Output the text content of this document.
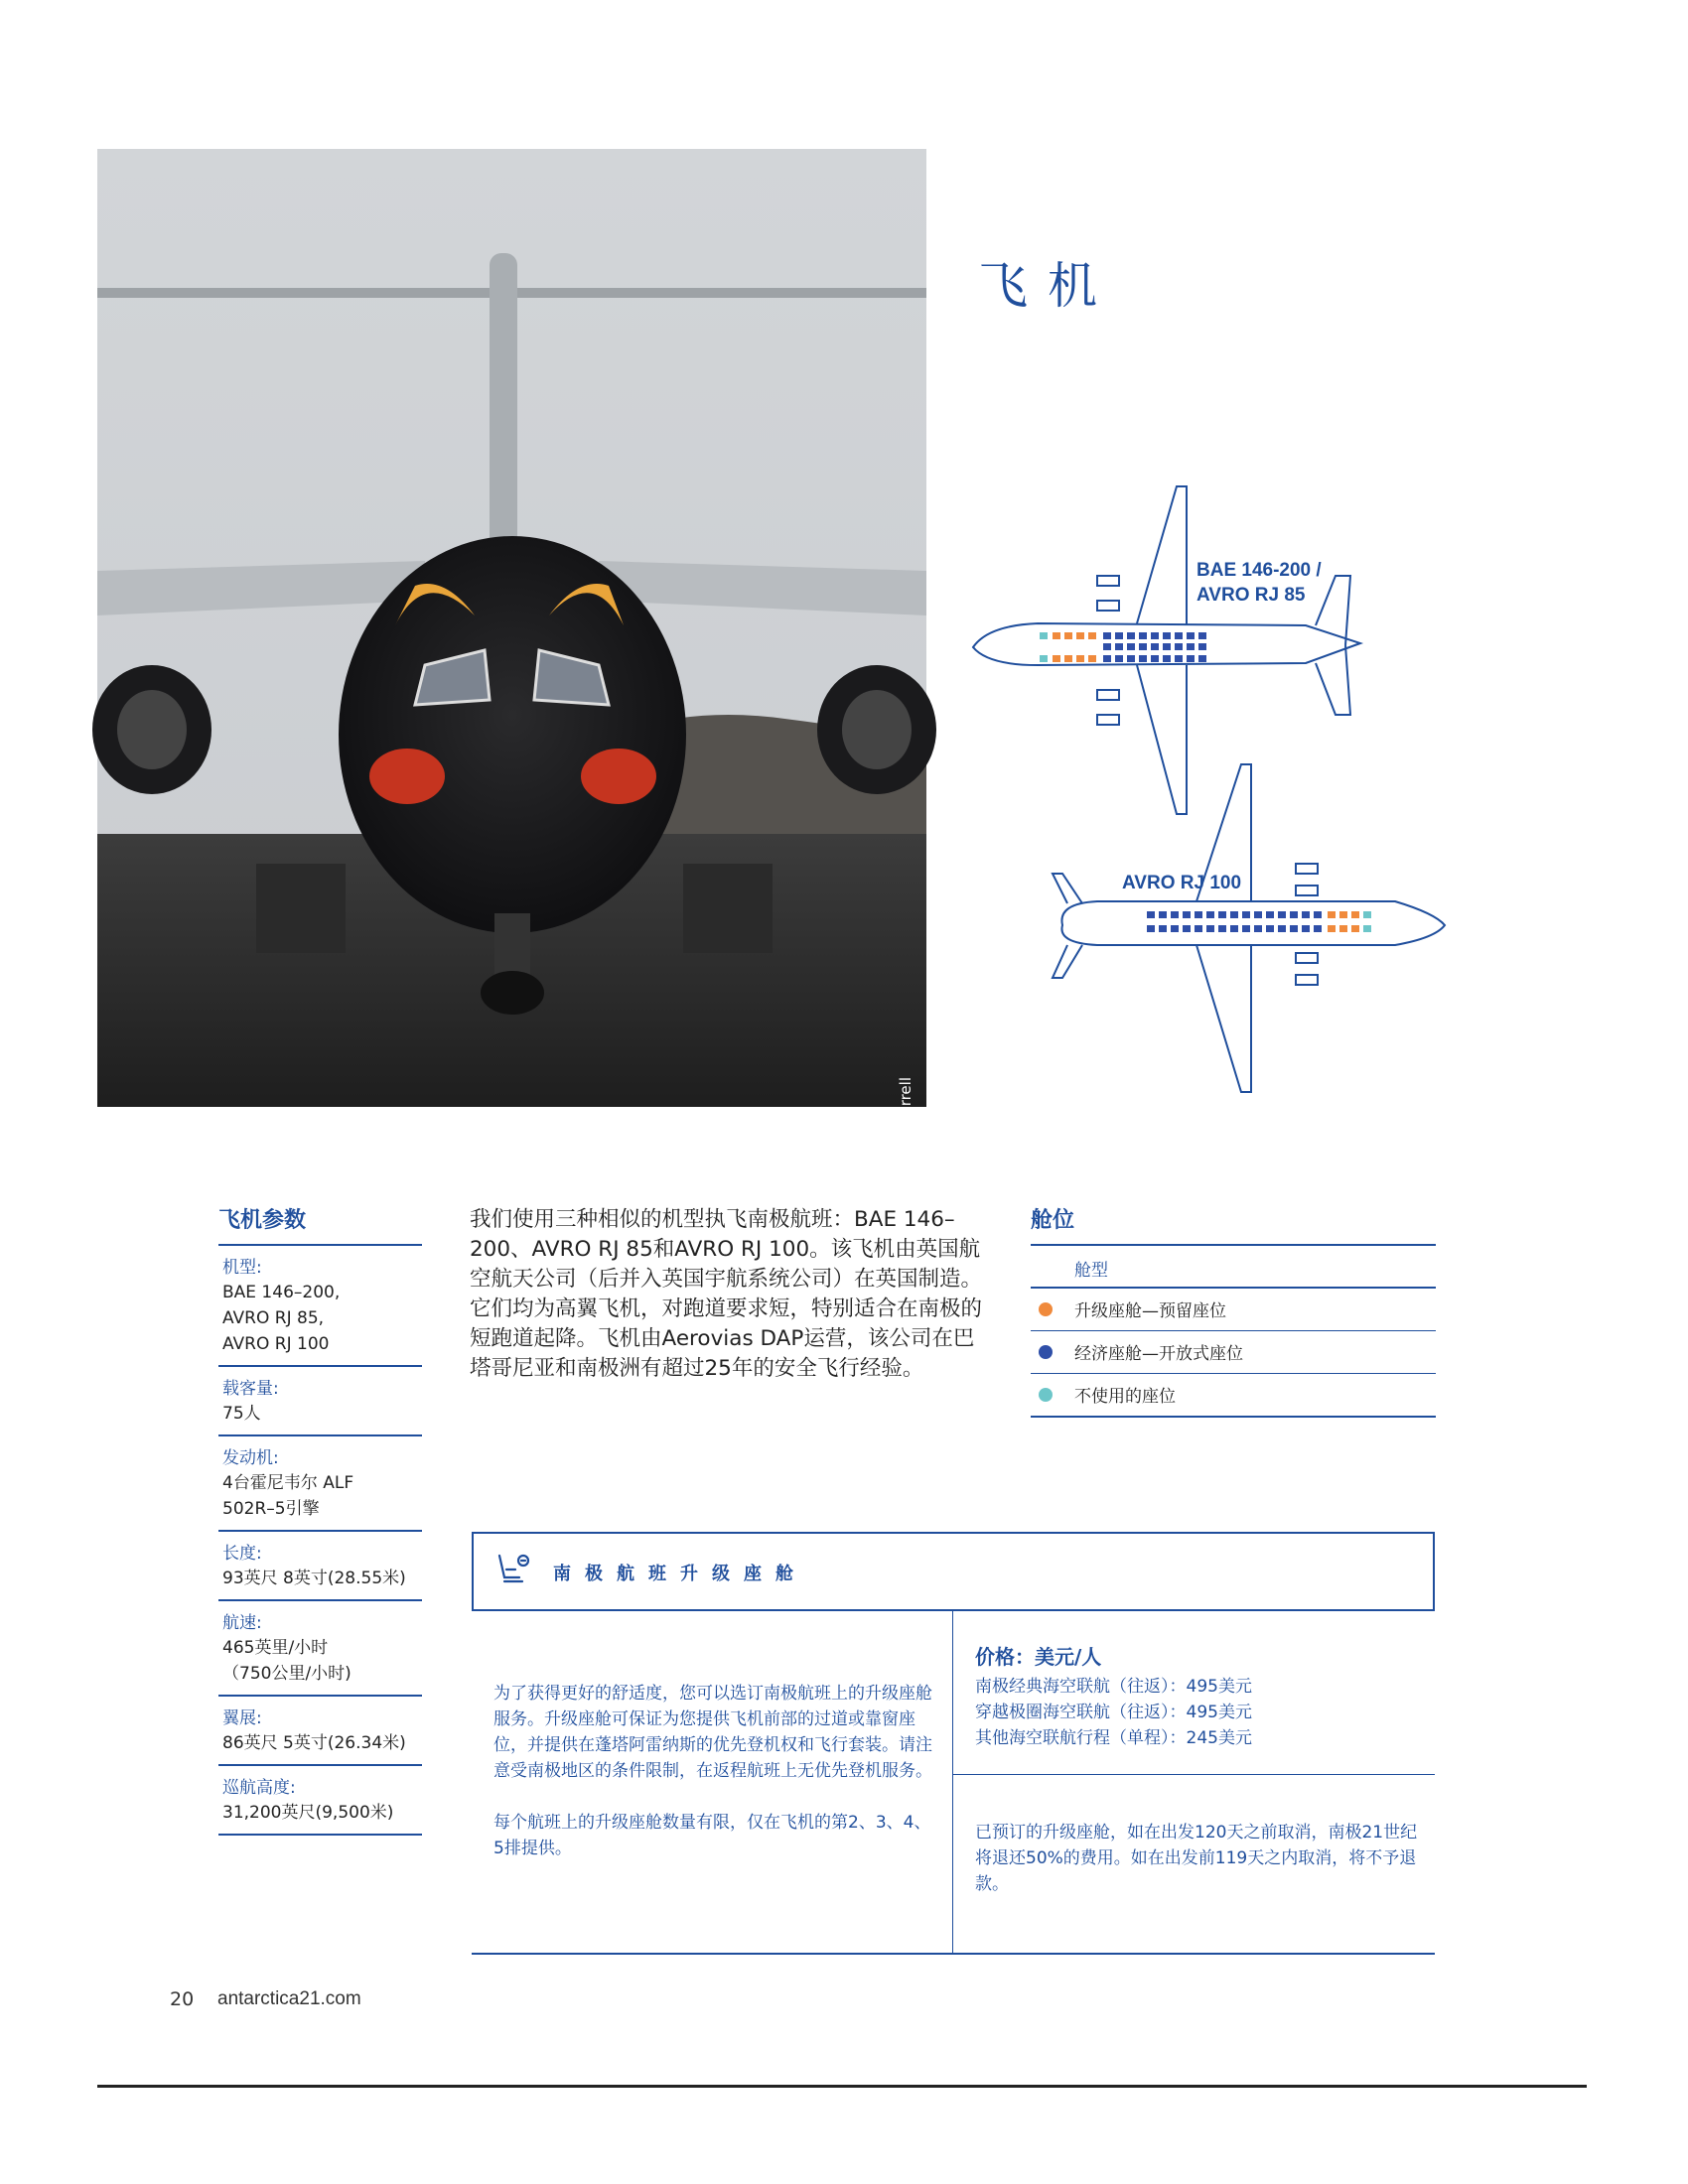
© M. Farrell
飞机
BAE 146-200 /
AVRO RJ 85
AVRO RJ 100
飞机参数
机型:
BAE 146–200,
AVRO RJ 85,
AVRO RJ 100
载客量:
75人
发动机:
4台霍尼韦尔 ALF
502R–5引擎
长度:
93英尺 8英寸(28.55米)
航速:
465英里/小时
（750公里/小时)
翼展:
86英尺 5英寸(26.34米)
巡航高度:
31,200英尺(9,500米)
我们使用三种相似的机型执飞南极航班：BAE 146–200、AVRO RJ 85和AVRO RJ 100。该飞机由英国航空航天公司（后并入英国宇航系统公司）在英国制造。它们均为高翼飞机，对跑道要求短，特别适合在南极的短跑道起降。飞机由Aerovias DAP运营，该公司在巴塔哥尼亚和南极洲有超过25年的安全飞行经验。
舱位
舱型
升级座舱—预留座位
经济座舱—开放式座位
不使用的座位
南极航班升级座舱

为了获得更好的舒适度，您可以选订南极航班上的升级座舱服务。升级座舱可保证为您提供飞机前部的过道或靠窗座位，并提供在蓬塔阿雷纳斯的优先登机权和飞行套装。请注意受南极地区的条件限制，在返程航班上无优先登机服务。

每个航班上的升级座舱数量有限，仅在飞机的第2、3、4、5排提供。

价格：美元/人
南极经典海空联航（往返）：495美元
穿越极圈海空联航（往返）：495美元
其他海空联航行程（单程）：245美元
已预订的升级座舱，如在出发120天之前取消，南极21世纪将退还50%的费用。如在出发前119天之内取消，将不予退款。
20 antarctica21.com
